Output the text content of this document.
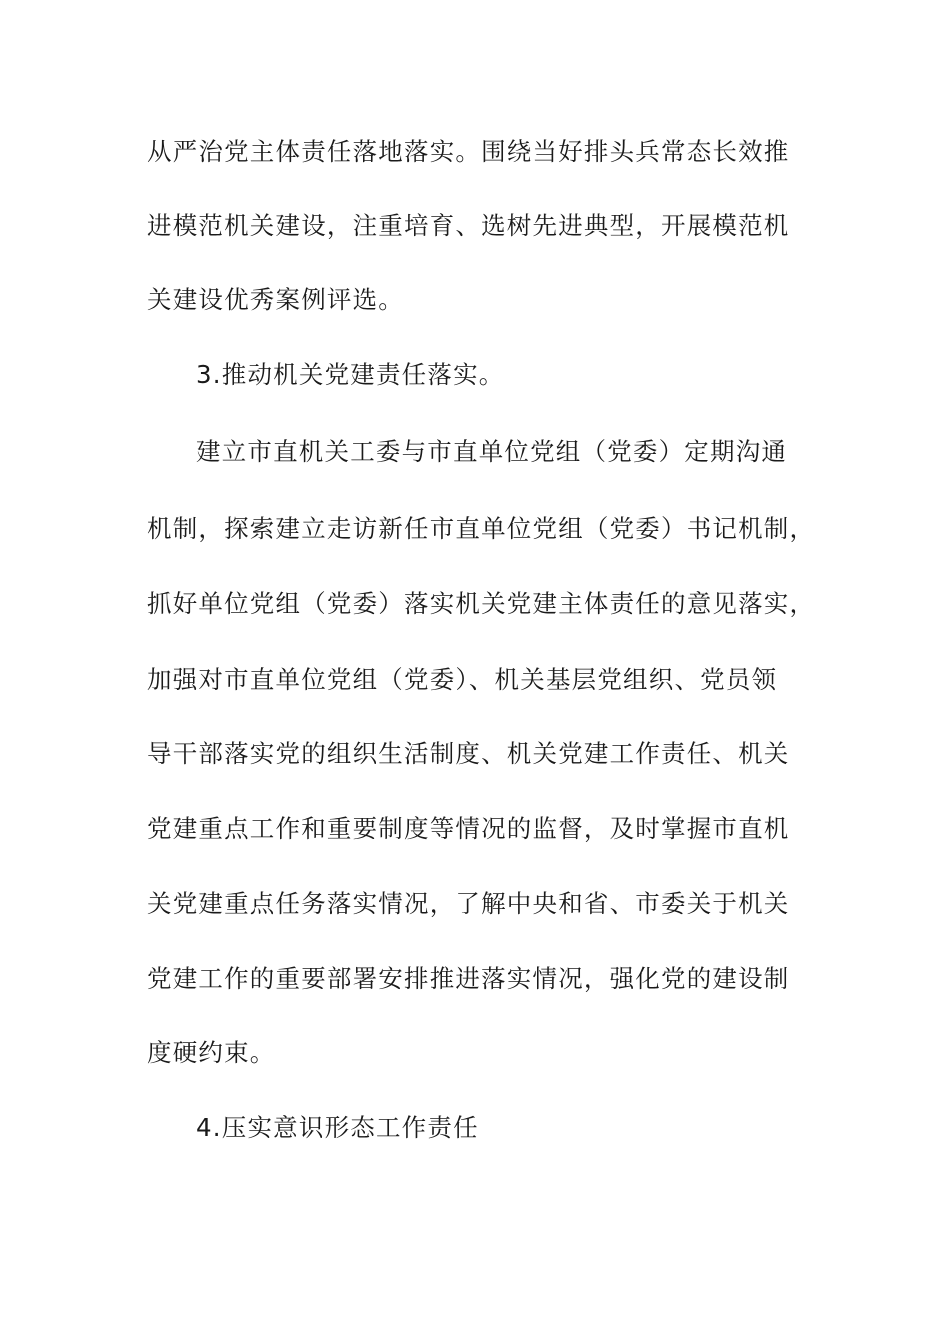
从严治党主体责任落地落实。围绕当好排头兵常态长效推
进模范机关建设，注重培育、选树先进典型，开展模范机
关建设优秀案例评选。
3.推动机关党建责任落实。
建立市直机关工委与市直单位党组（党委）定期沟通
机制，探索建立走访新任市直单位党组（党委）书记机制，
抓好单位党组（党委）落实机关党建主体责任的意见落实，
加强对市直单位党组（党委）、机关基层党组织、党员领
导干部落实党的组织生活制度、机关党建工作责任、机关
党建重点工作和重要制度等情况的监督，及时掌握市直机
关党建重点任务落实情况，了解中央和省、市委关于机关
党建工作的重要部署安排推进落实情况，强化党的建设制
度硬约束。
4.压实意识形态工作责任
